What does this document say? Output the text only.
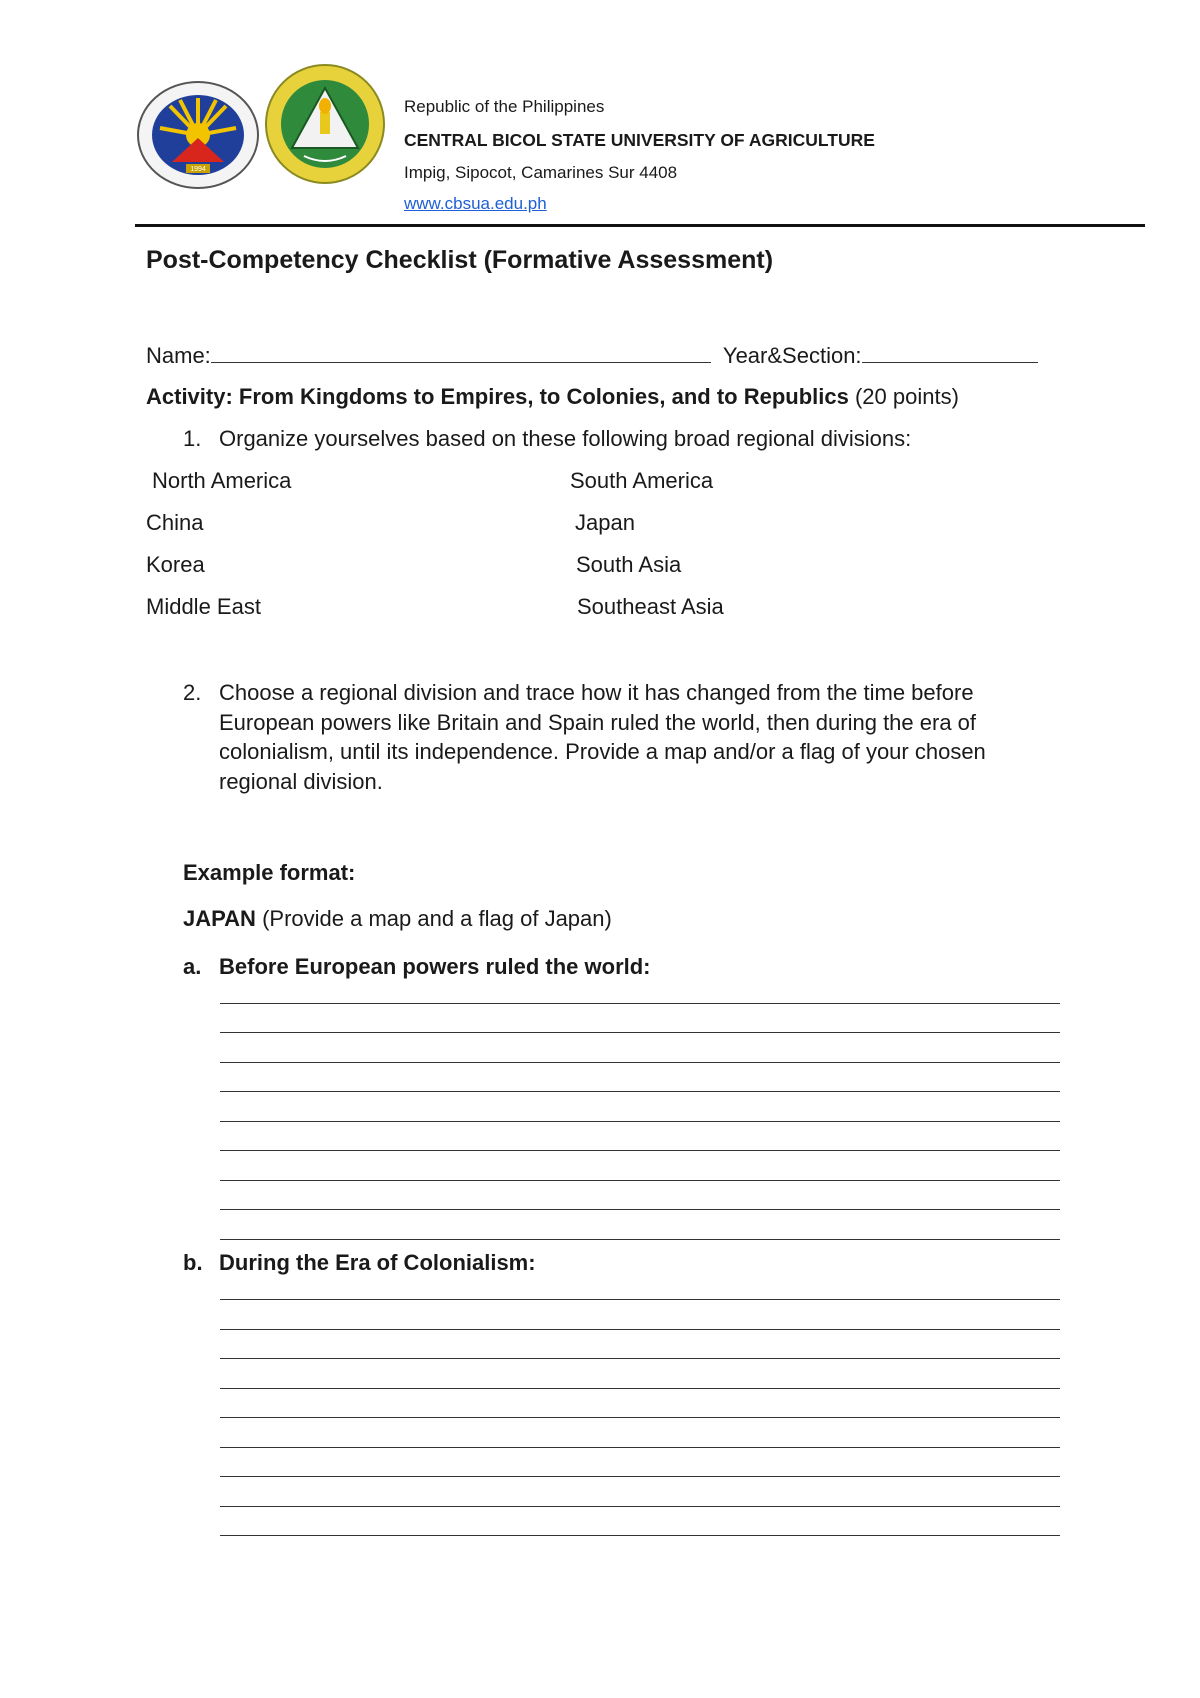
1994
Republic of the Philippines
CENTRAL BICOL STATE UNIVERSITY OF AGRICULTURE
Impig, Sipocot, Camarines Sur 4408
www.cbsua.edu.ph
Post-Competency Checklist (Formative Assessment)
Name:	Year&Section:
Activity: From Kingdoms to Empires, to Colonies, and to Republics (20 points)
1. Organize yourselves based on these following broad regional divisions:
North America	South America
China	Japan
Korea	South Asia
Middle East	Southeast Asia
2. Choose a regional division and trace how it has changed from the time before European powers like Britain and Spain ruled the world, then during the era of colonialism, until its independence. Provide a map and/or a flag of your chosen regional division.
Example format:
JAPAN (Provide a map and a flag of Japan)
a. Before European powers ruled the world:
b. During the Era of Colonialism:
